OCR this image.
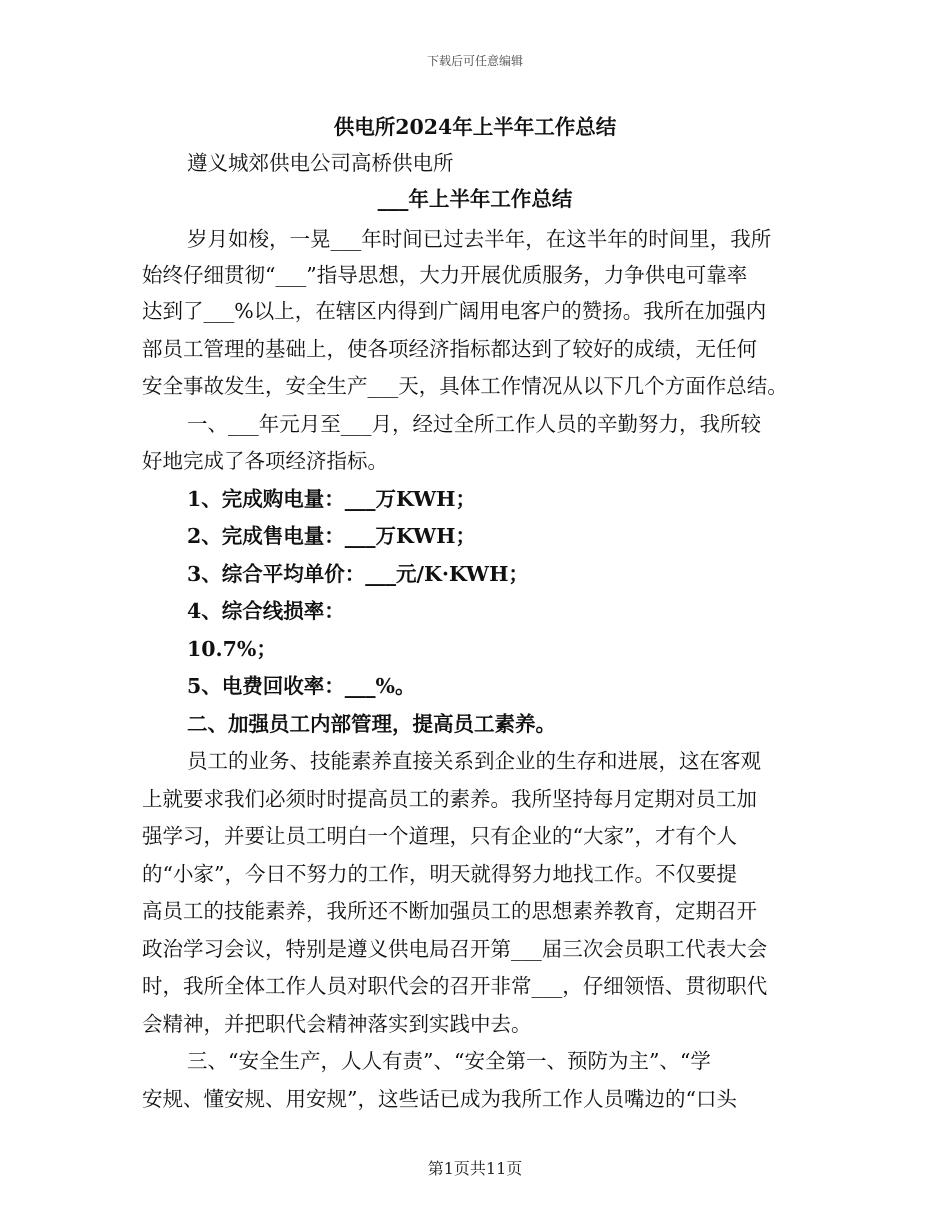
下载后可任意编辑
供电所2024年上半年工作总结
遵义城郊供电公司高桥供电所
___年上半年工作总结
岁月如梭，一晃___年时间已过去半年，在这半年的时间里，我所
始终仔细贯彻“___”指导思想，大力开展优质服务，力争供电可靠率
达到了___%以上，在辖区内得到广阔用电客户的赞扬。我所在加强内
部员工管理的基础上，使各项经济指标都达到了较好的成绩，无任何
安全事故发生，安全生产___天，具体工作情况从以下几个方面作总结。
一、___年元月至___月，经过全所工作人员的辛勤努力，我所较
好地完成了各项经济指标。
1、完成购电量：___万KWH；
2、完成售电量：___万KWH；
3、综合平均单价：___元/K·KWH；
4、综合线损率：
10.7%；
5、电费回收率：___%。
二、加强员工内部管理，提高员工素养。
员工的业务、技能素养直接关系到企业的生存和进展，这在客观
上就要求我们必须时时提高员工的素养。我所坚持每月定期对员工加
强学习，并要让员工明白一个道理，只有企业的“大家”，才有个人
的“小家”，今日不努力的工作，明天就得努力地找工作。不仅要提
高员工的技能素养，我所还不断加强员工的思想素养教育，定期召开
政治学习会议，特别是遵义供电局召开第___届三次会员职工代表大会
时，我所全体工作人员对职代会的召开非常___，仔细领悟、贯彻职代
会精神，并把职代会精神落实到实践中去。
三、“安全生产，人人有责”、“安全第一、预防为主”、“学
安规、懂安规、用安规”，这些话已成为我所工作人员嘴边的“口头
第1页共11页
